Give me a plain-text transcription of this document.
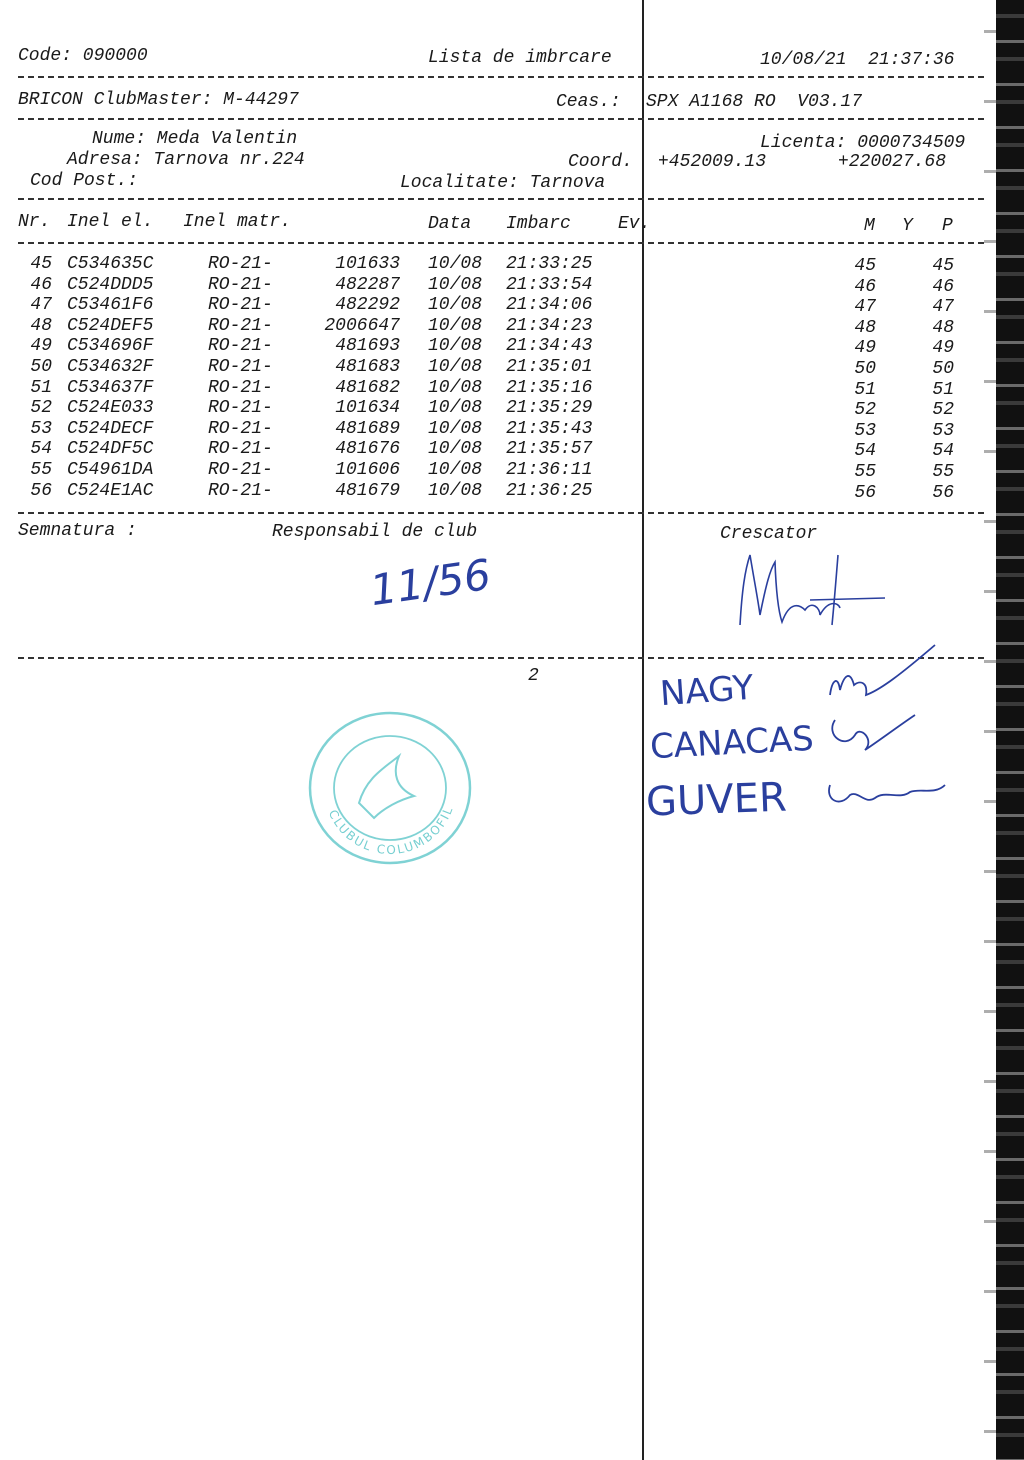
Code: 090000	Lista de imbrcare	10/08/21  21:37:36
BRICON ClubMaster: M-44297	Ceas.: SPX A1168 RO  V03.17
Nume: Meda Valentin	Licenta: 0000734509
Adresa: Tarnova nr.224	Coord. +452009.13	+220027.68
Cod Post.:	Localitate: Tarnova
Nr. Inel el. Inel matr.	Data Imbarc	Ev.	M Y P
45 C534635C	RO-21-	101633 10/08 21:33:25	45	45
46 C524DDD5	RO-21-	482287 10/08 21:33:54	46	46
47 C53461F6	RO-21-	482292 10/08 21:34:06	47	47
48 C524DEF5	RO-21-	2006647 10/08 21:34:23	48	48
49 C534696F	RO-21-	481693 10/08 21:34:43	49	49
50 C534632F	RO-21-	481683 10/08 21:35:01	50	50
51 C534637F	RO-21-	481682 10/08 21:35:16	51	51
52 C524E033	RO-21-	101634 10/08 21:35:29	52	52
53 C524DECF	RO-21-	481689 10/08 21:35:43	53	53
54 C524DF5C	RO-21-	481676 10/08 21:35:57	54	54
55 C54961DA	RO-21-	101606 10/08 21:36:11	55	55
56 C524E1AC	RO-21-	481679 10/08 21:36:25	56	56
Semnatura :	Responsabil de club	Crescator
11/56
2	NAGY
CANACAS
GUVER
CLUBUL COLUMBOFIL
